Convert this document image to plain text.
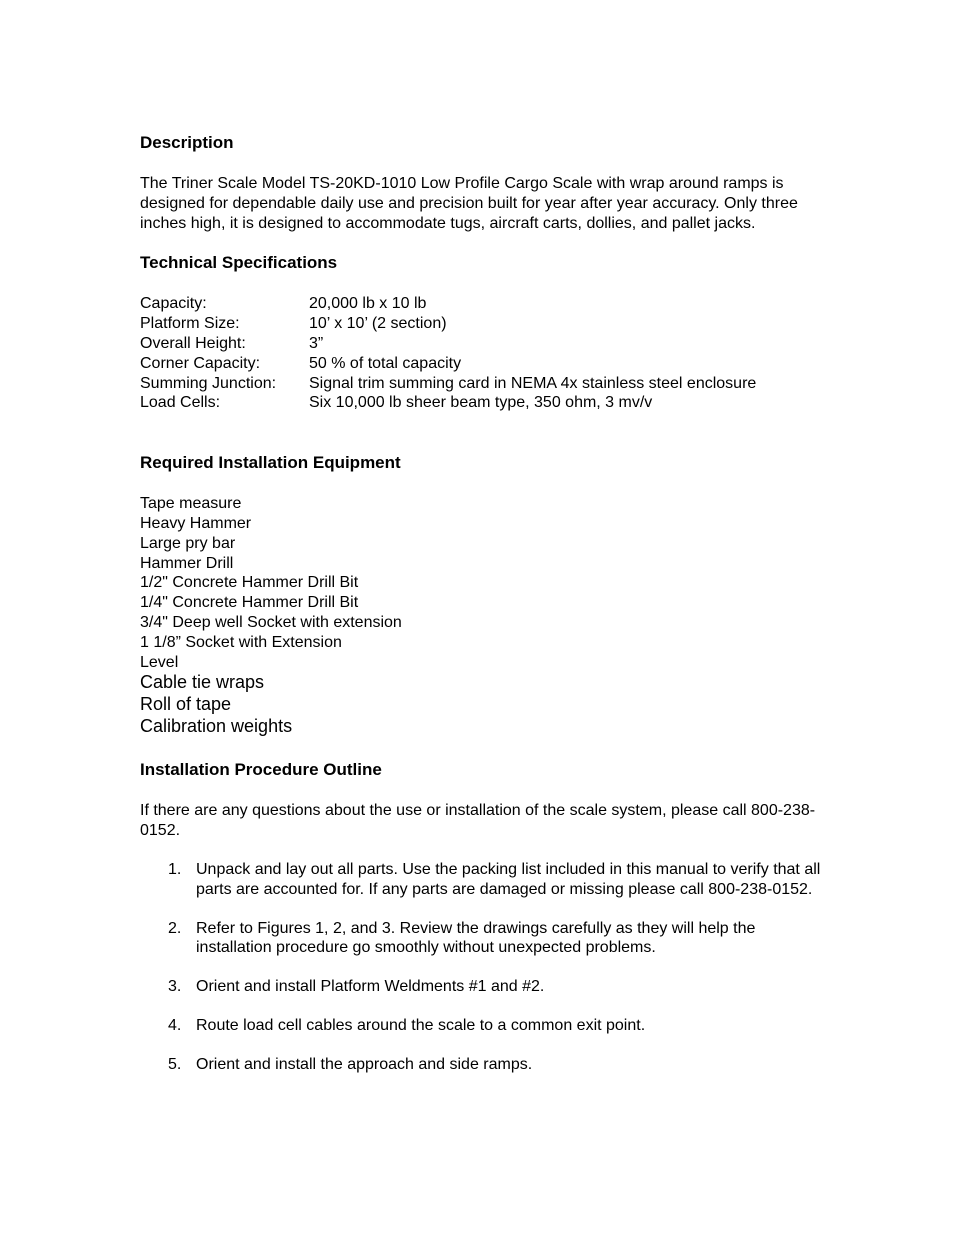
Description

The Triner Scale Model TS-20KD-1010 Low Profile Cargo Scale with wrap around ramps is designed for dependable daily use and precision built for year after year accuracy. Only three inches high, it is designed to accommodate tugs, aircraft carts, dollies, and pallet jacks.

Technical Specifications
Capacity:	20,000 lb x 10 lb
Platform Size:	10’ x 10’ (2 section)
Overall Height:	3”
Corner Capacity:	50 % of total capacity
Summing Junction:	Signal trim summing card in NEMA 4x stainless steel enclosure
Load Cells:	Six 10,000 lb sheer beam type, 350 ohm, 3 mv/v
Required Installation Equipment
Tape measure
Heavy Hammer
Large pry bar
Hammer Drill
1/2" Concrete Hammer Drill Bit
1/4" Concrete Hammer Drill Bit
3/4" Deep well Socket with extension
1 1/8” Socket with Extension
Level
Cable tie wraps
Roll of tape
Calibration weights
Installation Procedure Outline

If there are any questions about the use or installation of the scale system, please call 800-238-0152.

1. Unpack and lay out all parts. Use the packing list included in this manual to verify that all parts are accounted for. If any parts are damaged or missing please call 800-238-0152.
2. Refer to Figures 1, 2, and 3. Review the drawings carefully as they will help the installation procedure go smoothly without unexpected problems.
3. Orient and install Platform Weldments #1 and #2.
4. Route load cell cables around the scale to a common exit point.
5. Orient and install the approach and side ramps.
